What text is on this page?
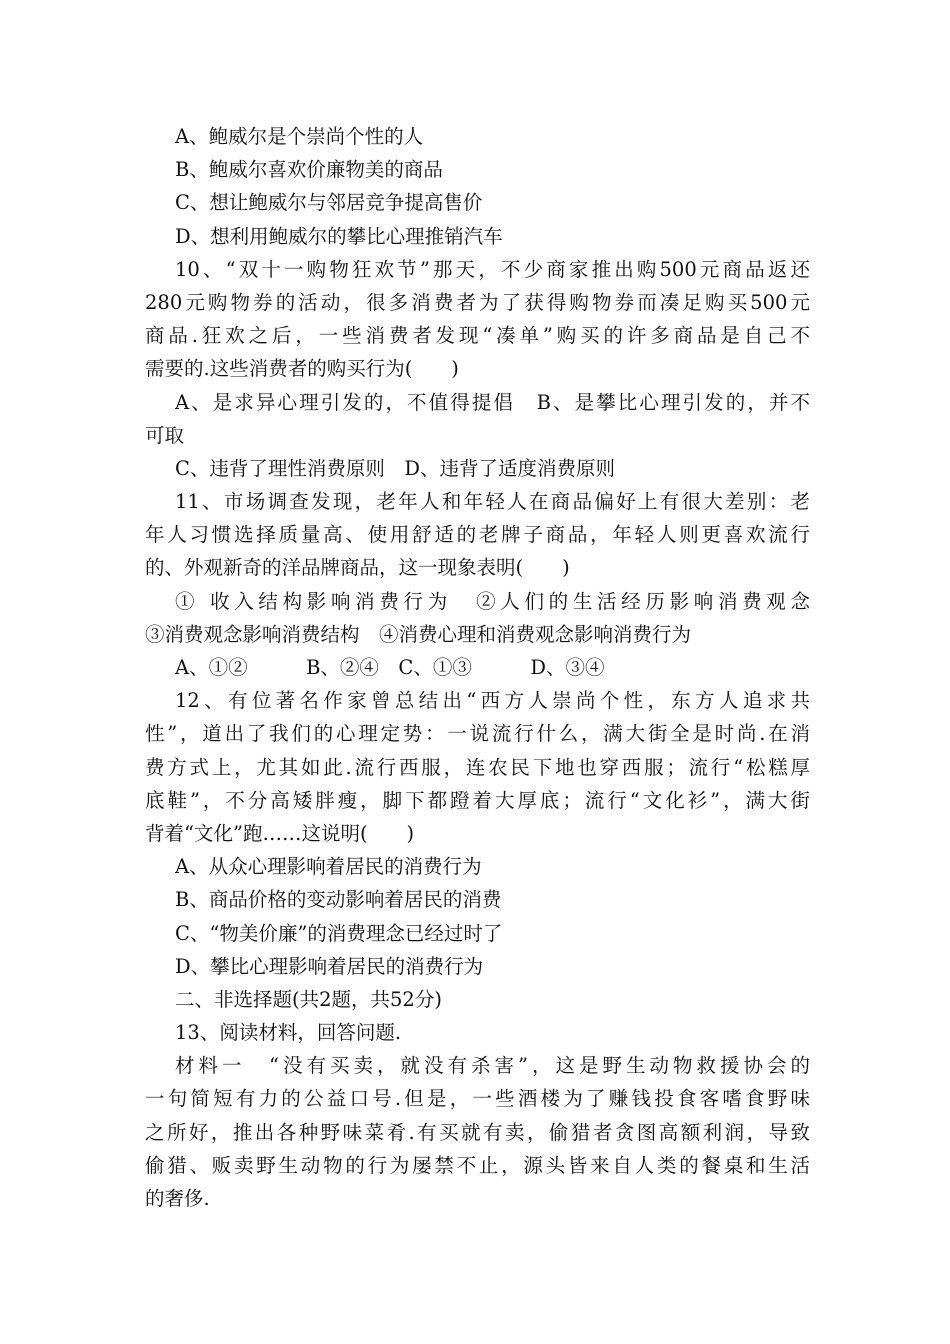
A、鲍威尔是个崇尚个性的人
B、鲍威尔喜欢价廉物美的商品
C、想让鲍威尔与邻居竞争提高售价
D、想利用鲍威尔的攀比心理推销汽车
10、“双十一购物狂欢节”那天，不少商家推出购500元商品返还
280元购物券的活动，很多消费者为了获得购物券而凑足购买500元
商品.狂欢之后，一些消费者发现“凑单”购买的许多商品是自己不
需要的.这些消费者的购买行为(　　)
A、是求异心理引发的，不值得提倡　B、是攀比心理引发的，并不
可取
C、违背了理性消费原则　D、违背了适度消费原则
11、市场调查发现，老年人和年轻人在商品偏好上有很大差别：老
年人习惯选择质量高、使用舒适的老牌子商品，年轻人则更喜欢流行
的、外观新奇的洋品牌商品，这一现象表明(　　)
① 收入结构影响消费行为　②人们的生活经历影响消费观念
③消费观念影响消费结构　④消费心理和消费观念影响消费行为
A、①②　　　B、②④　C、①③　　　D、③④
12、有位著名作家曾总结出“西方人崇尚个性，东方人追求共
性”，道出了我们的心理定势：一说流行什么，满大街全是时尚.在消
费方式上，尤其如此.流行西服，连农民下地也穿西服；流行“松糕厚
底鞋”，不分高矮胖瘦，脚下都蹬着大厚底；流行“文化衫”，满大街
背着“文化”跑……这说明(　　)
A、从众心理影响着居民的消费行为
B、商品价格的变动影响着居民的消费
C、“物美价廉”的消费理念已经过时了
D、攀比心理影响着居民的消费行为
二、非选择题(共2题，共52分)
13、阅读材料，回答问题.
材料一　“没有买卖，就没有杀害”，这是野生动物救援协会的
一句简短有力的公益口号.但是，一些酒楼为了赚钱投食客嗜食野味
之所好，推出各种野味菜肴.有买就有卖，偷猎者贪图高额利润，导致
偷猎、贩卖野生动物的行为屡禁不止，源头皆来自人类的餐桌和生活
的奢侈.
